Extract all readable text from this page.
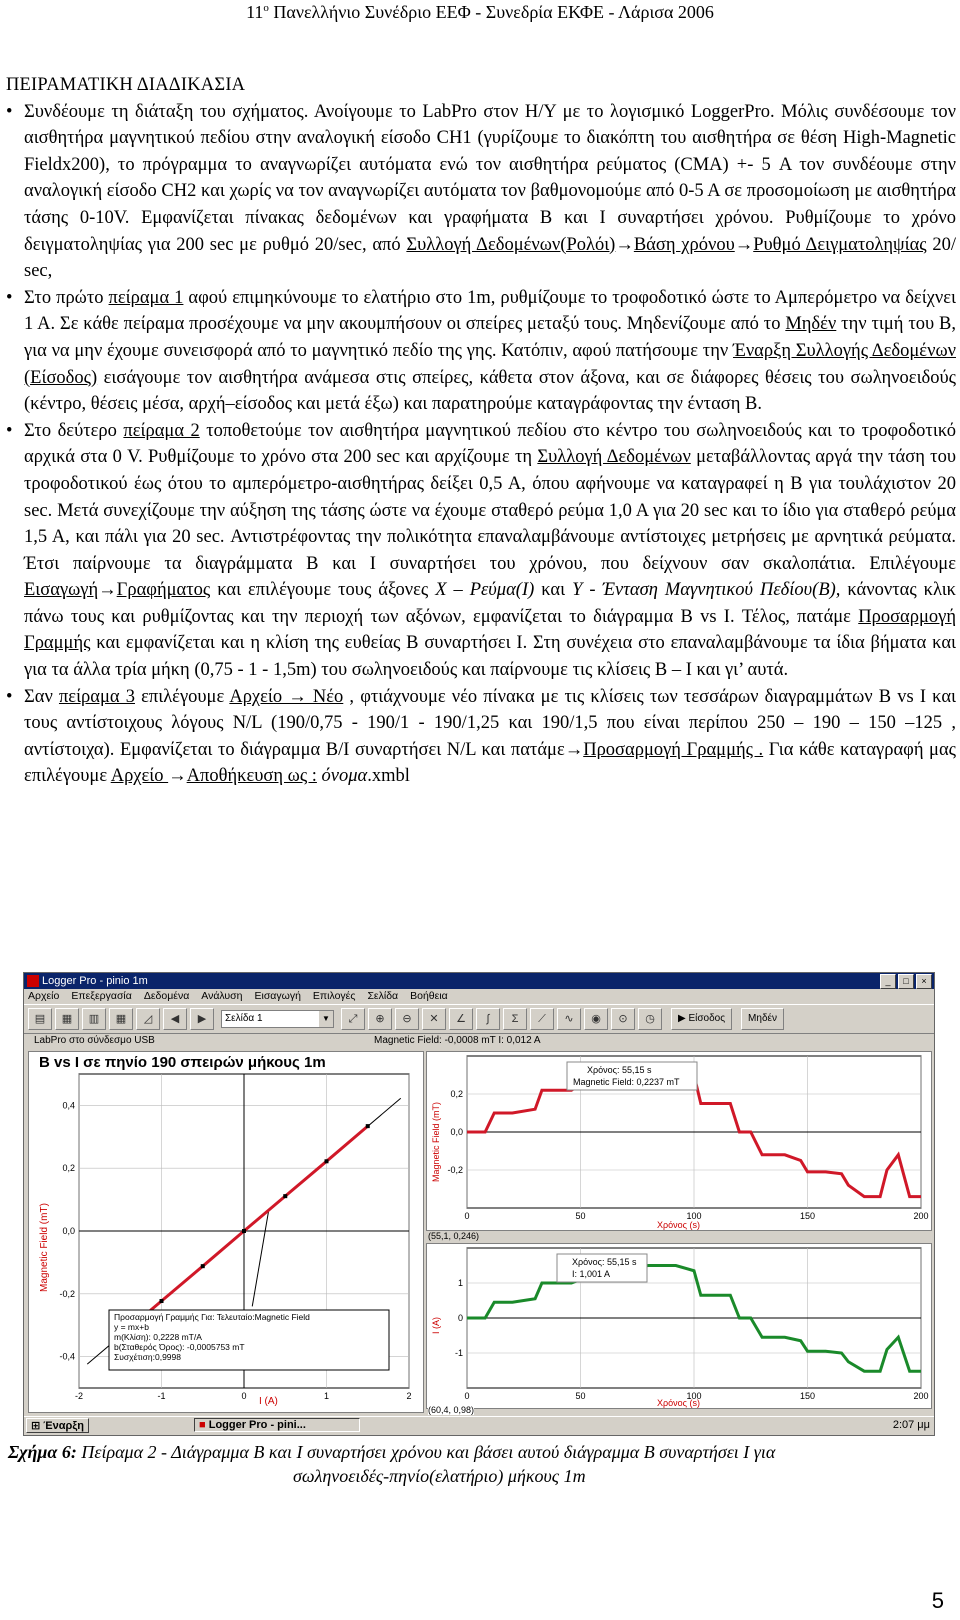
11$^o$ Πανελλήνιο Συνέδριο ΕΕΦ - Συνεδρία ΕΚΦΕ - Λάρισα 2006

ΠΕΙΡΑΜΑΤΙΚΗ ΔΙΑΔΙΚΑΣΙΑ

• Συνδέουμε τη διάταξη του σχήματος. Ανοίγουμε το LabPro στον Η/Υ με το λογισμικό LoggerPro. Μόλις συνδέσουμε τον αισθητήρα μαγνητικού πεδίου στην αναλογική είσοδο CH1 (γυρίζουμε το διακόπτη του αισθητήρα σε θέση High-Magnetic Fieldx200), το πρόγραμμα το αναγνωρίζει αυτόματα ενώ τον αισθητήρα ρεύματος (CMA) +- 5 A τον συνδέουμε στην αναλογική είσοδο CH2 και χωρίς να τον αναγνωρίζει αυτόματα τον βαθμονομούμε από 0-5 Α σε προσομοίωση με αισθητήρα τάσης 0-10V. Εμφανίζεται πίνακας δεδομένων και γραφήματα Β και Ι συναρτήσει χρόνου. Ρυθμίζουμε το χρόνο δειγματοληψίας για 200 sec με ρυθμό 20/sec, από Συλλογή Δεδομένων(Ρολόι)→Βάση χρόνου→Ρυθμό Δειγματοληψίας 20/ sec,

• Στο πρώτο πείραμα 1 αφού επιμηκύνουμε το ελατήριο στο 1m, ρυθμίζουμε το τροφοδοτικό ώστε το Αμπερόμετρο να δείχνει 1 Α. Σε κάθε πείραμα προσέχουμε να μην ακουμπήσουν οι σπείρες μεταξύ τους. Μηδενίζουμε από το Μηδέν την τιμή του Β, για να μην έχουμε συνεισφορά από το μαγνητικό πεδίο της γης. Κατόπιν, αφού πατήσουμε την Έναρξη Συλλογής Δεδομένων (Είσοδος) εισάγουμε τον αισθητήρα ανάμεσα στις σπείρες, κάθετα στον άξονα, και σε διάφορες θέσεις του σωληνοειδούς (κέντρο, θέσεις μέσα, αρχή–είσοδος και μετά έξω) και παρατηρούμε καταγράφοντας την ένταση Β.

• Στο δεύτερο πείραμα 2 τοποθετούμε τον αισθητήρα μαγνητικού πεδίου στο κέντρο του σωληνοειδούς και το τροφοδοτικό αρχικά στα 0 V. Ρυθμίζουμε το χρόνο στα 200 sec και αρχίζουμε τη Συλλογή Δεδομένων μεταβάλλοντας αργά την τάση του τροφοδοτικού έως ότου το αμπερόμετρο-αισθητήρας δείξει 0,5 Α, όπου αφήνουμε να καταγραφεί η Β για τουλάχιστον 20 sec. Μετά συνεχίζουμε την αύξηση της τάσης ώστε να έχουμε σταθερό ρεύμα 1,0 Α για 20 sec και το ίδιο για σταθερό ρεύμα 1,5 Α, και πάλι για 20 sec. Αντιστρέφοντας την πολικότητα επαναλαμβάνουμε αντίστοιχες μετρήσεις με αρνητικά ρεύματα. Έτσι παίρνουμε τα διαγράμματα Β και Ι συναρτήσει του χρόνου, που δείχνουν σαν σκαλοπάτια. Επιλέγουμε Εισαγωγή→Γραφήματος και επιλέγουμε τους άξονες X – Ρεύμα(Ι) και Y - Ένταση Μαγνητικού Πεδίου(Β), κάνοντας κλικ πάνω τους και ρυθμίζοντας και την περιοχή των αξόνων, εμφανίζεται το διάγραμμα Β vs I. Τέλος, πατάμε Προσαρμογή Γραμμής και εμφανίζεται και η κλίση της ευθείας Β συναρτήσει Ι. Στη συνέχεια στο επαναλαμβάνουμε τα ίδια βήματα και για τα άλλα τρία μήκη (0,75 - 1 - 1,5m) του σωληνοειδούς και παίρνουμε τις κλίσεις Β – Ι και γι’ αυτά.

• Σαν πείραμα 3 επιλέγουμε Αρχείο → Νέο , φτιάχνουμε νέο πίνακα με τις κλίσεις των τεσσάρων διαγραμμάτων Β vs I και τους αντίστοιχους λόγους N/L (190/0,75 - 190/1 - 190/1,25 και 190/1,5 που είναι περίπου 250 – 190 – 150 –125 , αντίστοιχα). Εμφανίζεται το διάγραμμα Β/Ι συναρτήσει N/L και πατάμε→Προσαρμογή Γραμμής . Για κάθε καταγραφή μας επιλέγουμε Αρχείο →Αποθήκευση ως : όνομα.xmbl

Logger Pro - pinio 1m	_	□	×
Αρχείο Επεξεργασία Δεδομένα Ανάλυση Εισαγωγή Επιλογές Σελίδα Βοήθεια
▤	▦	▥	▦	◿	◀	▶	Σελίδα 1	▼	⤢	⊕	⊖	✕	∠	∫	Σ	⟋	∿	◉	⊙	◷	▶ Είσοδος	Μηδέν
LabPro στο σύνδεσμο USB	Magnetic Field: -0,0008 mT I: 0,012 A
B vs I σε πηνίο 190 σπειρών μήκους 1m
-2	-1	0	1	2
0,4
0,2
0,0
-0,2
-0,4
Magnetic Field (mT)
I (A)
Προσαρμογή Γραμμής Για: Τελευταίο:Magnetic Field
y = mx+b
m(Κλίση): 0,2228 mT/A
b(Σταθερός Όρος): -0,0005753 mT
Συσχέτιση:0,9998
0	50	100	150	200
0,2
0,0
-0,2
Magnetic Field (mT)
Χρόνος (s)
Χρόνος: 55,15 s
Magnetic Field: 0,2237 mT
(55,1, 0,246)
0	50	100	150	200
1
0
-1
I (A)
Χρόνος (s)
Χρόνος: 55,15 s
I: 1,001 A
(60,4, 0,98)
⊞ Έναρξη	■ Logger Pro - pini...	2:07 μμ
Σχήμα 6: Πείραμα 2 - Διάγραμμα Β και Ι συναρτήσει χρόνου και βάσει αυτού διάγραμμα Β συναρτήσει Ι για
σωληνοειδές-πηνίο(ελατήριο) μήκους 1m
5
